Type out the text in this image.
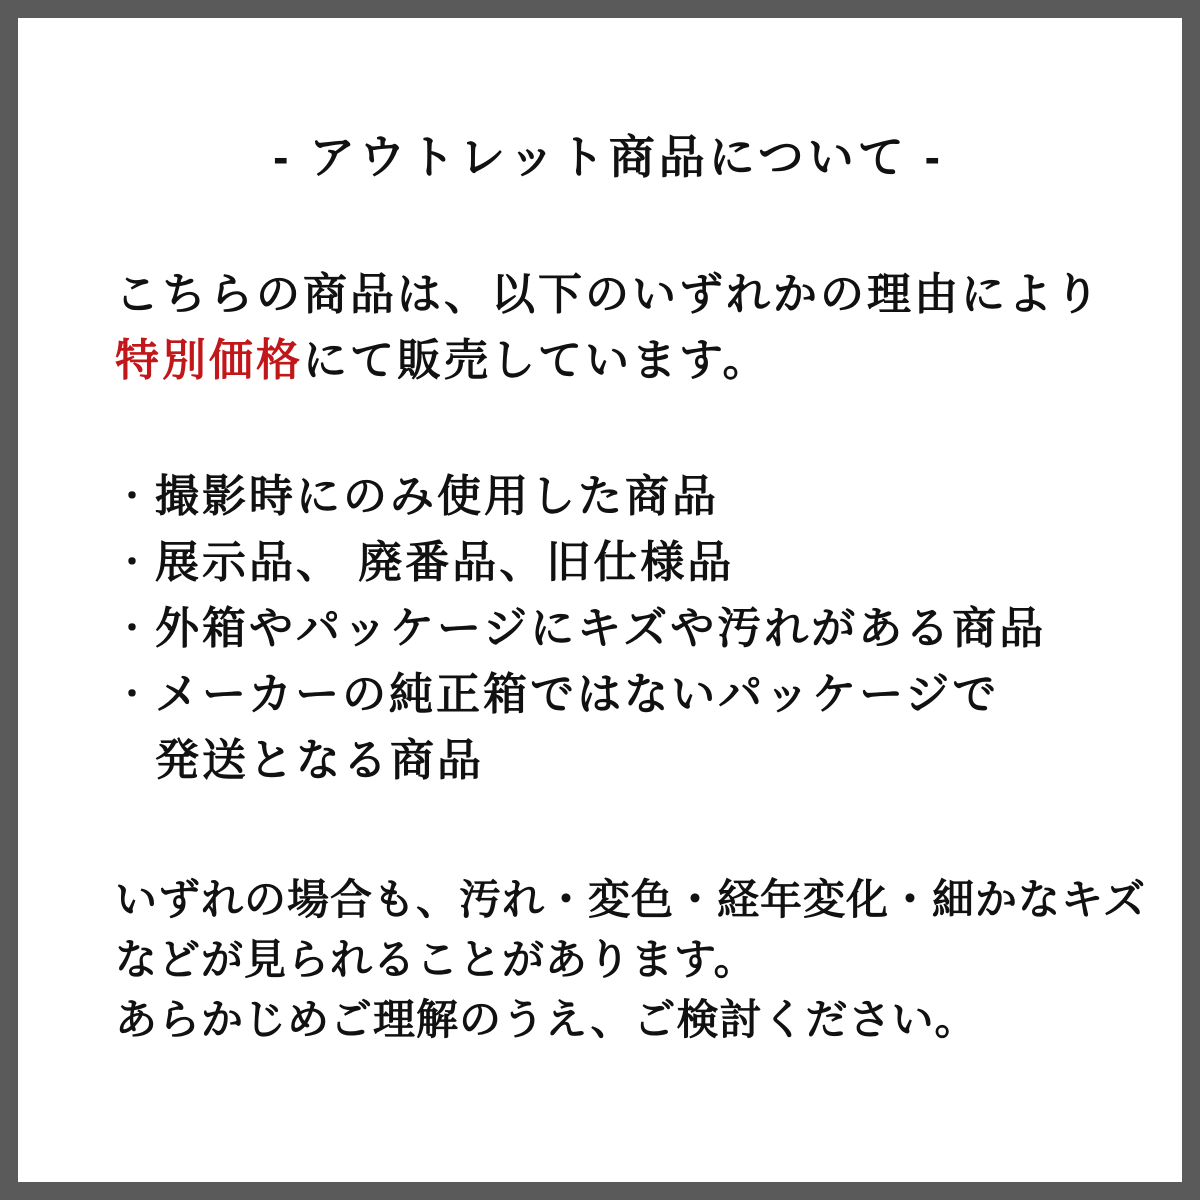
- アウトレット商品について -

こちらの商品は、以下のいずれかの理由により
特別価格にて販売しています。

・ 撮影時にのみ使用した商品
・ 展示品、 廃番品、旧仕様品
・ 外箱やパッケージにキズや汚れがある商品
・ メーカーの純正箱ではないパッケージで
発送となる商品

いずれの場合も、汚れ・変色・経年変化・細かなキズ
などが見られることがあります。
あらかじめご理解のうえ、ご検討ください。
